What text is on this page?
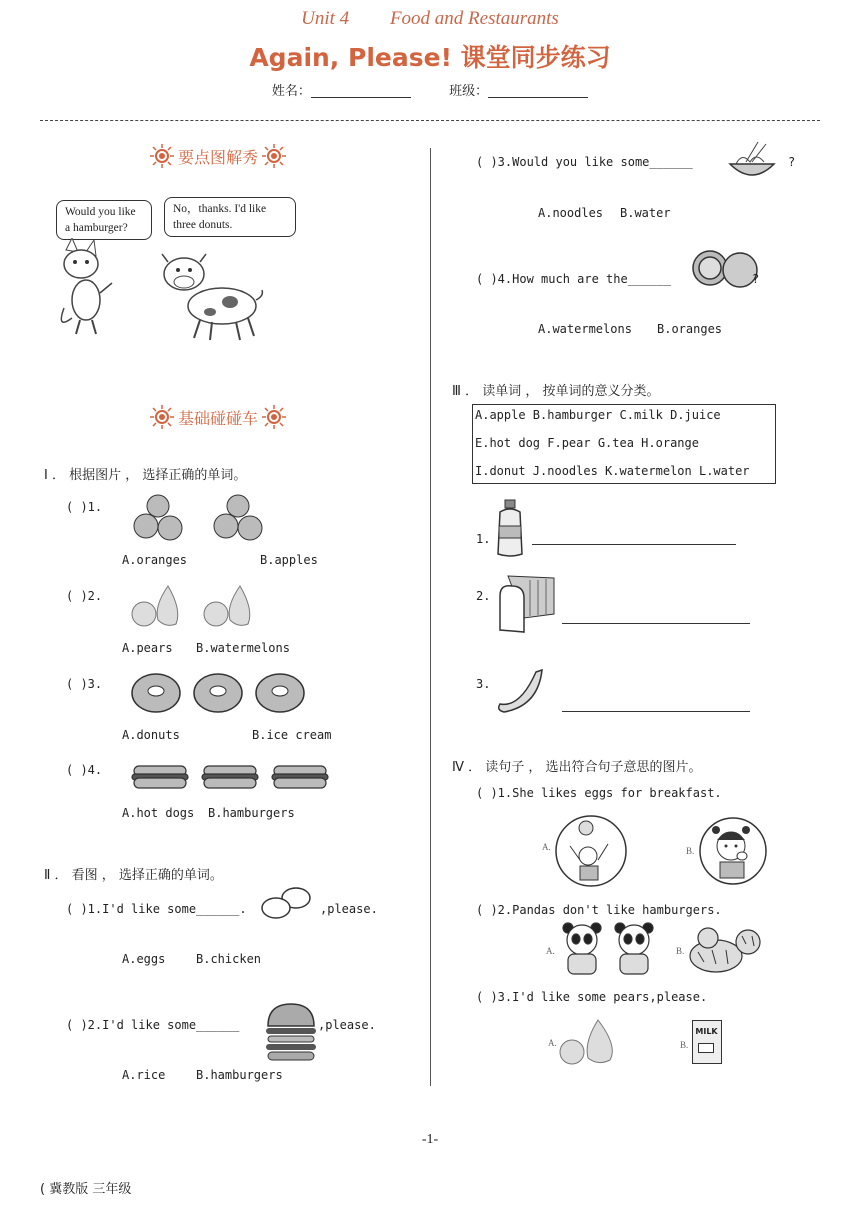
Unit 4 Food and Restaurants
Again, Please! 课堂同步练习
姓名：	班级：
要点图解秀
Would you like
a hamburger?
No，thanks. I'd like
three donuts.
基础碰碰车
Ⅰ ． 根据图片 ， 选择正确的单词。
( )1.
A.oranges	B.apples
( )2.
A.pears B.watermelons
( )3.
A.donuts	B.ice cream
( )4.
A.hot dogs B.hamburgers
Ⅱ ． 看图 ， 选择正确的单词。
( )1.I'd like some______.	,please.
A.eggs	B.chicken
( )2.I'd like some______	,please.
A.rice	B.hamburgers
( )3.Would you like some______	?
A.noodles B.water
( )4.How much are the______	?
A.watermelons B.oranges
Ⅲ ． 读单词 ， 按单词的意义分类。
A.apple B.hamburger C.milk D.juice
E.hot dog F.pear G.tea H.orange
I.donut J.noodles K.watermelon L.water
1.
2.
3.
Ⅳ ． 读句子 ， 选出符合句子意思的图片。
( )1.She likes eggs for breakfast.
A.	B.
( )2.Pandas don't like hamburgers.
A.	B.
( )3.I'd like some pears,please.
A.	B.
MILK
-1-
( 冀教版 三年级
